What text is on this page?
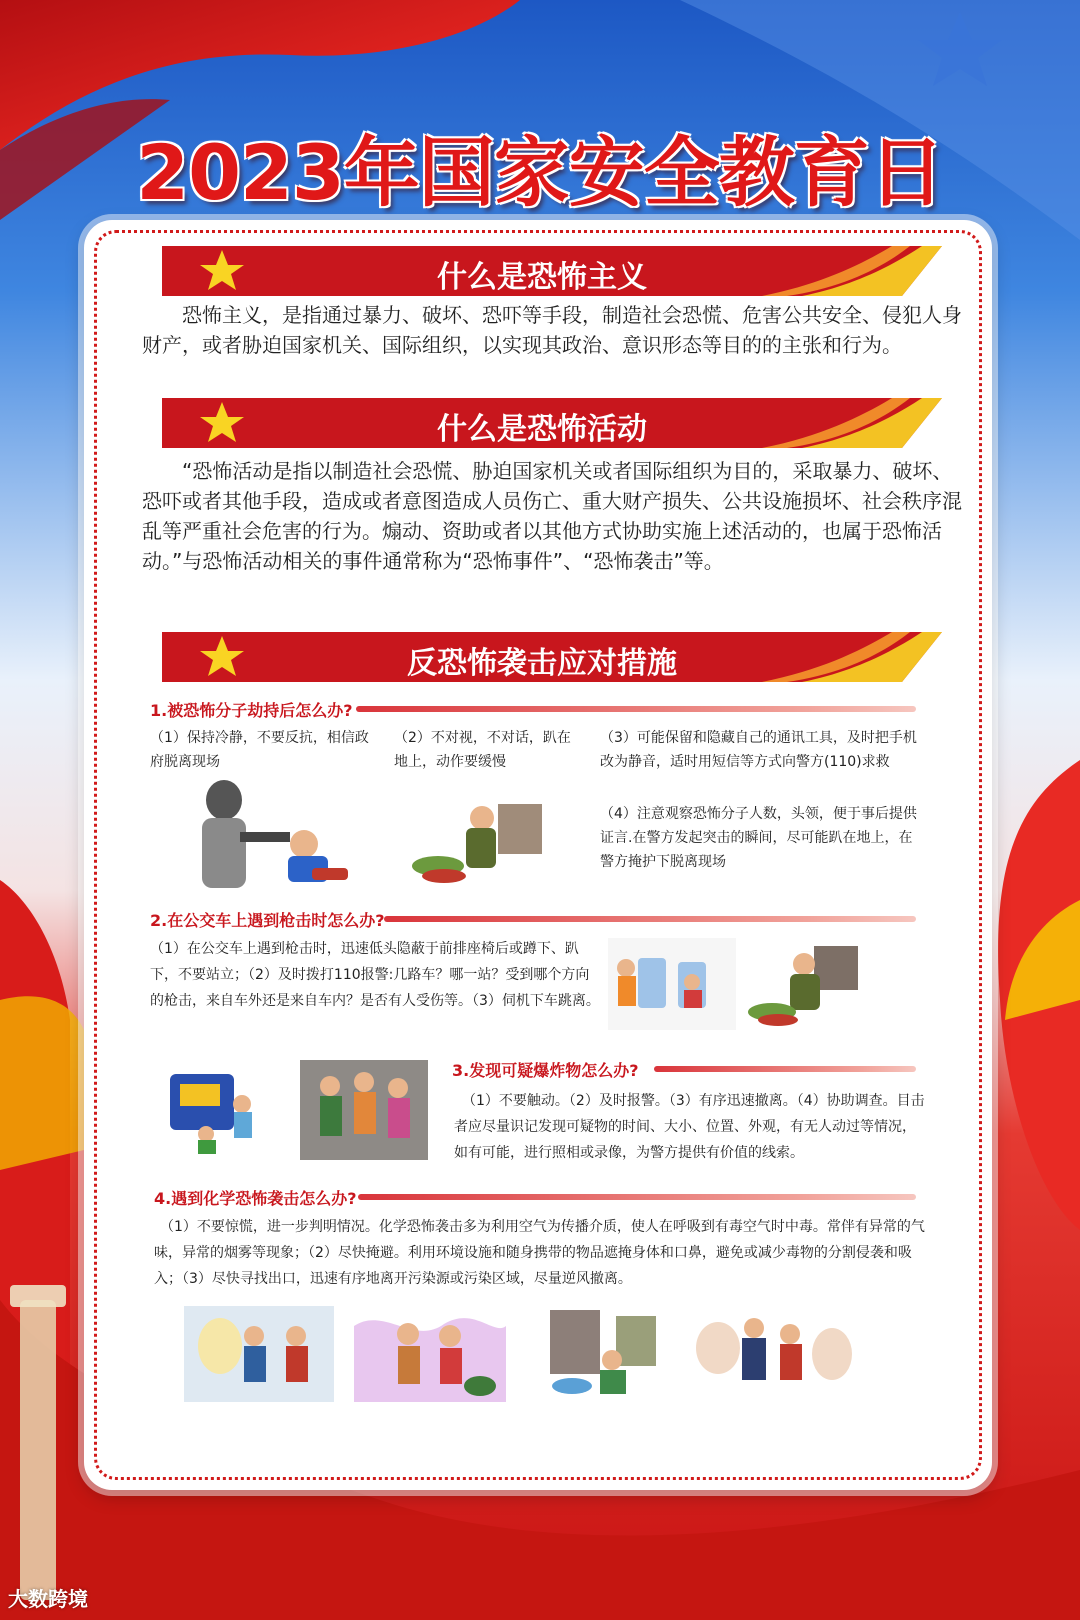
2023年国家安全教育日
什么是恐怖主义
恐怖主义，是指通过暴力、破坏、恐吓等手段，制造社会恐慌、危害公共安全、侵犯人身财产，或者胁迫国家机关、国际组织，以实现其政治、意识形态等目的的主张和行为。
什么是恐怖活动
“恐怖活动是指以制造社会恐慌、胁迫国家机关或者国际组织为目的，采取暴力、破坏、恐吓或者其他手段，造成或者意图造成人员伤亡、重大财产损失、公共设施损坏、社会秩序混乱等严重社会危害的行为。煽动、资助或者以其他方式协助实施上述活动的，也属于恐怖活动。”与恐怖活动相关的事件通常称为“恐怖事件”、“恐怖袭击”等。
反恐怖袭击应对措施
1.被恐怖分子劫持后怎么办?
（1）保持冷静，不要反抗，相信政府脱离现场
（2）不对视，不对话，趴在地上，动作要缓慢
（3）可能保留和隐藏自己的通讯工具，及时把手机改为静音，适时用短信等方式向警方(110)求救
（4）注意观察恐怖分子人数，头领，便于事后提供证言.在警方发起突击的瞬间，尽可能趴在地上，在警方掩护下脱离现场
2.在公交车上遇到枪击时怎么办?
（1）在公交车上遇到枪击时，迅速低头隐蔽于前排座椅后或蹲下、趴下，不要站立；（2）及时拨打110报警:几路车？哪一站？受到哪个方向的枪击，来自车外还是来自车内？是否有人受伤等。（3）伺机下车跳离。
3.发现可疑爆炸物怎么办?
（1）不要触动。（2）及时报警。（3）有序迅速撤离。（4）协助调查。目击者应尽量识记发现可疑物的时间、大小、位置、外观，有无人动过等情况，如有可能，进行照相或录像，为警方提供有价值的线索。
4.遇到化学恐怖袭击怎么办?
（1）不要惊慌，进一步判明情况。化学恐怖袭击多为利用空气为传播介质，使人在呼吸到有毒空气时中毒。常伴有异常的气味，异常的烟雾等现象；（2）尽快掩避。利用环境设施和随身携带的物品遮掩身体和口鼻，避免或减少毒物的分割侵袭和吸入；（3）尽快寻找出口，迅速有序地离开污染源或污染区域，尽量逆风撤离。
大数跨境
